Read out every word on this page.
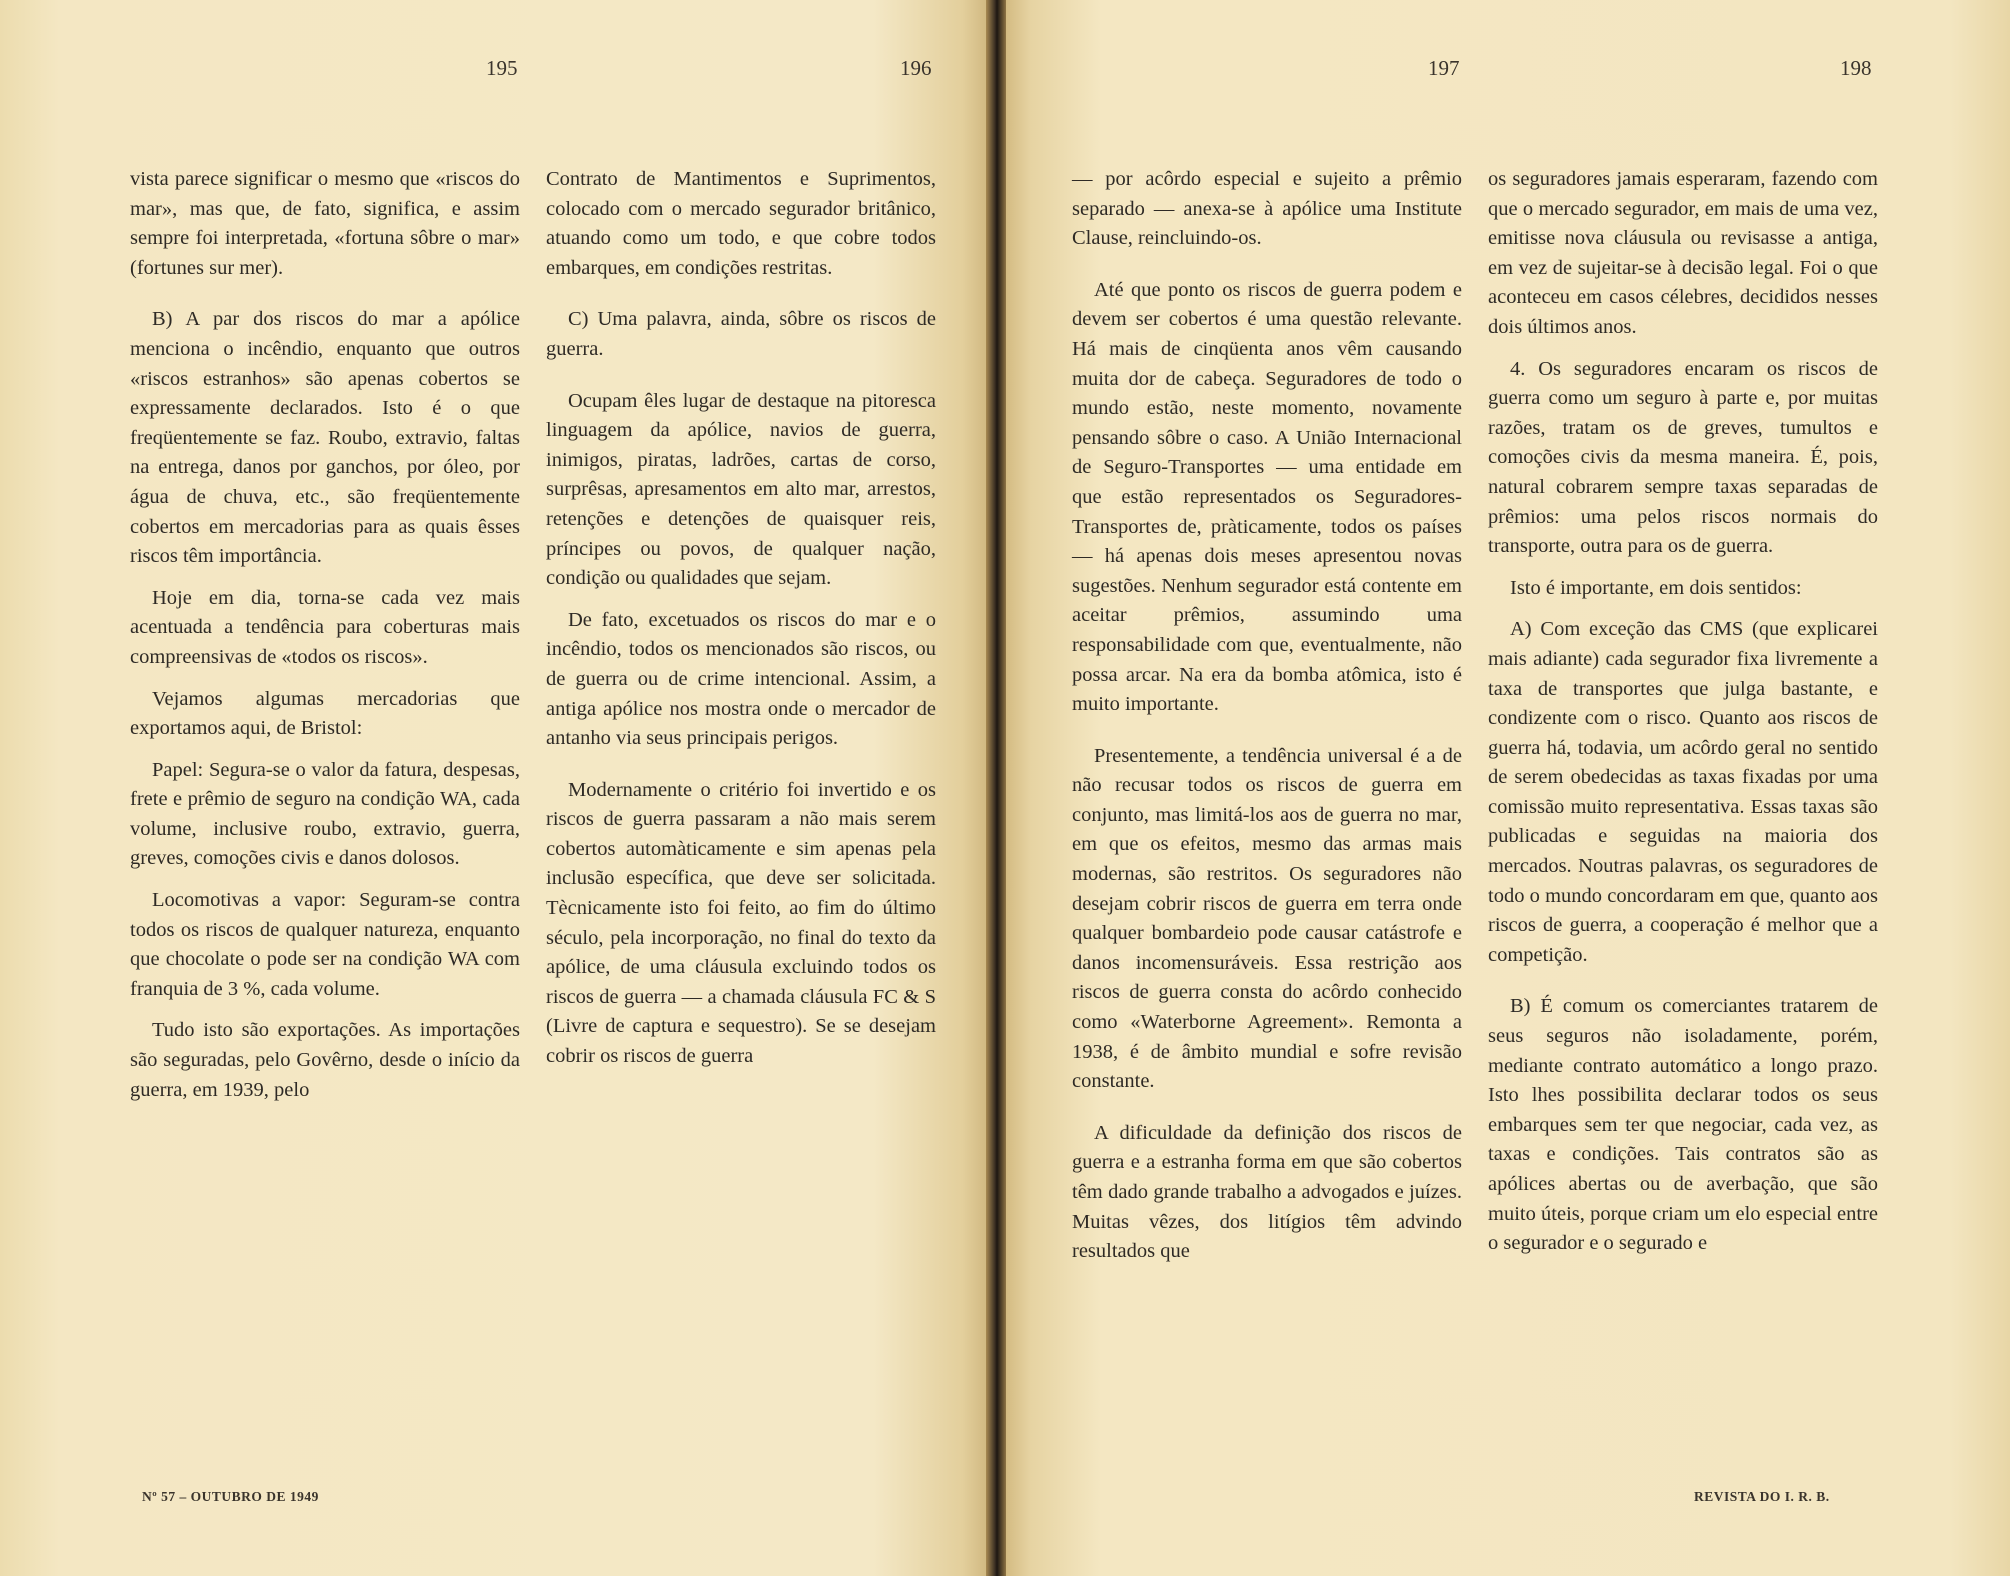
195	196

vista parece significar o mesmo que «riscos do mar», mas que, de fato, significa, e assim sempre foi interpretada, «fortuna sôbre o mar» (fortunes sur mer).

B) A par dos riscos do mar a apólice menciona o incêndio, enquanto que outros «riscos estranhos» são apenas cobertos se expressamente declarados. Isto é o que freqüentemente se faz. Roubo, extravio, faltas na entrega, danos por ganchos, por óleo, por água de chuva, etc., são freqüentemente cobertos em mercadorias para as quais êsses riscos têm importância.

Hoje em dia, torna-se cada vez mais acentuada a tendência para coberturas mais compreensivas de «todos os riscos».

Vejamos algumas mercadorias que exportamos aqui, de Bristol:

Papel: Segura-se o valor da fatura, despesas, frete e prêmio de seguro na condição WA, cada volume, inclusive roubo, extravio, guerra, greves, comoções civis e danos dolosos.

Locomotivas a vapor: Seguram-se contra todos os riscos de qualquer natureza, enquanto que chocolate o pode ser na condição WA com franquia de 3 %, cada volume.

Tudo isto são exportações. As importações são seguradas, pelo Govêrno, desde o início da guerra, em 1939, pelo

Contrato de Mantimentos e Suprimentos, colocado com o mercado segurador britânico, atuando como um todo, e que cobre todos embarques, em condições restritas.

C) Uma palavra, ainda, sôbre os riscos de guerra.

Ocupam êles lugar de destaque na pitoresca linguagem da apólice, navios de guerra, inimigos, piratas, ladrões, cartas de corso, surprêsas, apresamentos em alto mar, arrestos, retenções e detenções de quaisquer reis, príncipes ou povos, de qualquer nação, condição ou qualidades que sejam.

De fato, excetuados os riscos do mar e o incêndio, todos os mencionados são riscos, ou de guerra ou de crime intencional. Assim, a antiga apólice nos mostra onde o mercador de antanho via seus principais perigos.

Modernamente o critério foi invertido e os riscos de guerra passaram a não mais serem cobertos automàticamente e sim apenas pela inclusão específica, que deve ser solicitada. Tècnicamente isto foi feito, ao fim do último século, pela incorporação, no final do texto da apólice, de uma cláusula excluindo todos os riscos de guerra — a chamada cláusula FC & S (Livre de captura e sequestro). Se se desejam cobrir os riscos de guerra

Nº 57 – OUTUBRO DE 1949
197	198

— por acôrdo especial e sujeito a prêmio separado — anexa-se à apólice uma Institute Clause, reincluindo-os.

Até que ponto os riscos de guerra podem e devem ser cobertos é uma questão relevante. Há mais de cinqüenta anos vêm causando muita dor de cabeça. Seguradores de todo o mundo estão, neste momento, novamente pensando sôbre o caso. A União Internacional de Seguro-Transportes — uma entidade em que estão representados os Seguradores-Transportes de, pràticamente, todos os países — há apenas dois meses apresentou novas sugestões. Nenhum segurador está contente em aceitar prêmios, assumindo uma responsabilidade com que, eventualmente, não possa arcar. Na era da bomba atômica, isto é muito importante.

Presentemente, a tendência universal é a de não recusar todos os riscos de guerra em conjunto, mas limitá-los aos de guerra no mar, em que os efeitos, mesmo das armas mais modernas, são restritos. Os seguradores não desejam cobrir riscos de guerra em terra onde qualquer bombardeio pode causar catástrofe e danos incomensuráveis. Essa restrição aos riscos de guerra consta do acôrdo conhecido como «Waterborne Agreement». Remonta a 1938, é de âmbito mundial e sofre revisão constante.

A dificuldade da definição dos riscos de guerra e a estranha forma em que são cobertos têm dado grande trabalho a advogados e juízes. Muitas vêzes, dos litígios têm advindo resultados que

os seguradores jamais esperaram, fazendo com que o mercado segurador, em mais de uma vez, emitisse nova cláusula ou revisasse a antiga, em vez de sujeitar-se à decisão legal. Foi o que aconteceu em casos célebres, decididos nesses dois últimos anos.

4. Os seguradores encaram os riscos de guerra como um seguro à parte e, por muitas razões, tratam os de greves, tumultos e comoções civis da mesma maneira. É, pois, natural cobrarem sempre taxas separadas de prêmios: uma pelos riscos normais do transporte, outra para os de guerra.

Isto é importante, em dois sentidos:

A) Com exceção das CMS (que explicarei mais adiante) cada segurador fixa livremente a taxa de transportes que julga bastante, e condizente com o risco. Quanto aos riscos de guerra há, todavia, um acôrdo geral no sentido de serem obedecidas as taxas fixadas por uma comissão muito representativa. Essas taxas são publicadas e seguidas na maioria dos mercados. Noutras palavras, os seguradores de todo o mundo concordaram em que, quanto aos riscos de guerra, a cooperação é melhor que a competição.

B) É comum os comerciantes tratarem de seus seguros não isoladamente, porém, mediante contrato automático a longo prazo. Isto lhes possibilita declarar todos os seus embarques sem ter que negociar, cada vez, as taxas e condições. Tais contratos são as apólices abertas ou de averbação, que são muito úteis, porque criam um elo especial entre o segurador e o segurado e

REVISTA DO I. R. B.
